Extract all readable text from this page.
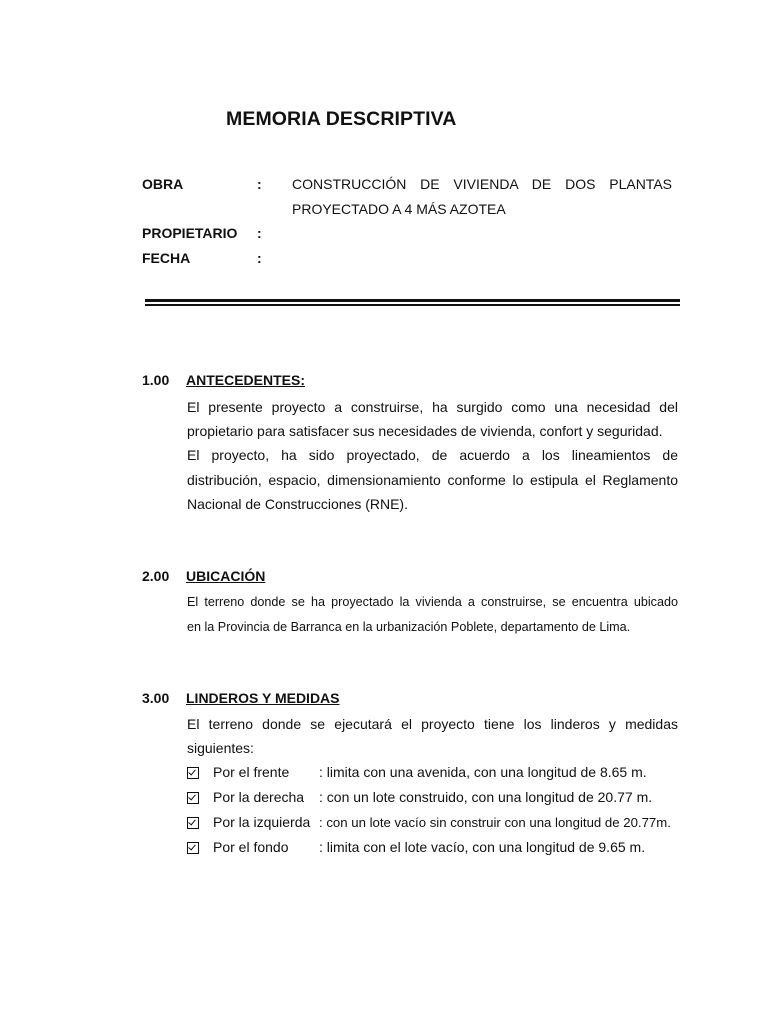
MEMORIA DESCRIPTIVA
OBRA	: CONSTRUCCIÓN DE VIVIENDA DE DOS PLANTAS
PROYECTADO A 4 MÁS AZOTEA
PROPIETARIO :
FECHA	:
1.00 ANTECEDENTES:
El presente proyecto a construirse, ha surgido como una necesidad del
propietario para satisfacer sus necesidades de vivienda, confort y seguridad.
El proyecto, ha sido proyectado, de acuerdo a los lineamientos de
distribución, espacio, dimensionamiento conforme lo estipula el Reglamento
Nacional de Construcciones (RNE).
2.00 UBICACIÓN
El terreno donde se ha proyectado la vivienda a construirse, se encuentra ubicado
en la Provincia de Barranca en la urbanización Poblete, departamento de Lima.
3.00 LINDEROS Y MEDIDAS
El terreno donde se ejecutará el proyecto tiene los linderos y medidas
siguientes:
Por el frente : limita con una avenida, con una longitud de 8.65 m.
Por la derecha : con un lote construido, con una longitud de 20.77 m.
Por la izquierda : con un lote vacío sin construir con una longitud de 20.77m.
Por el fondo : limita con el lote vacío, con una longitud de 9.65 m.
